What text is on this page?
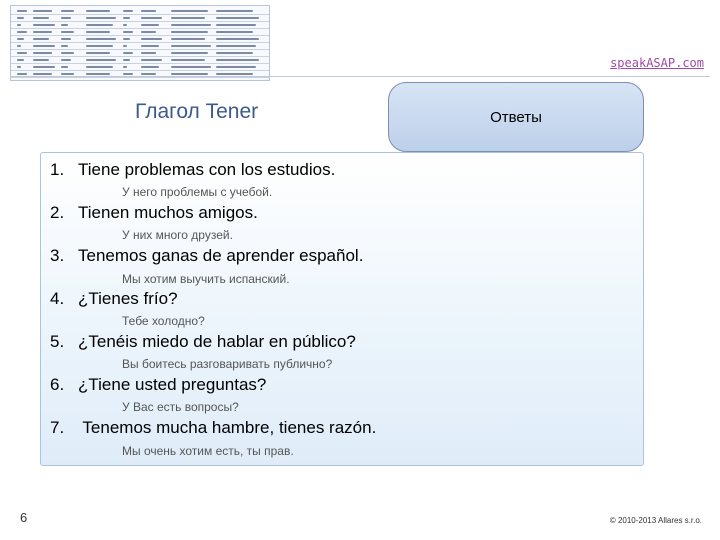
speakASAP.com
Глагол Tener	Ответы
1. Tiene problemas con los estudios.
У него проблемы с учебой.
2. Tienen muchos amigos.
У них много друзей.
3. Tenemos ganas de aprender español.
Мы хотим выучить испанский.
4. ¿Tienes frío?
Тебе холодно?
5. ¿Tenéis miedo de hablar en público?
Вы боитесь разговаривать публично?
6. ¿Tiene usted preguntas?
У Вас есть вопросы?
7. Tenemos mucha hambre, tienes razón.
Мы очень хотим есть, ты прав.
6	© 2010-2013 Allares s.r.o.
